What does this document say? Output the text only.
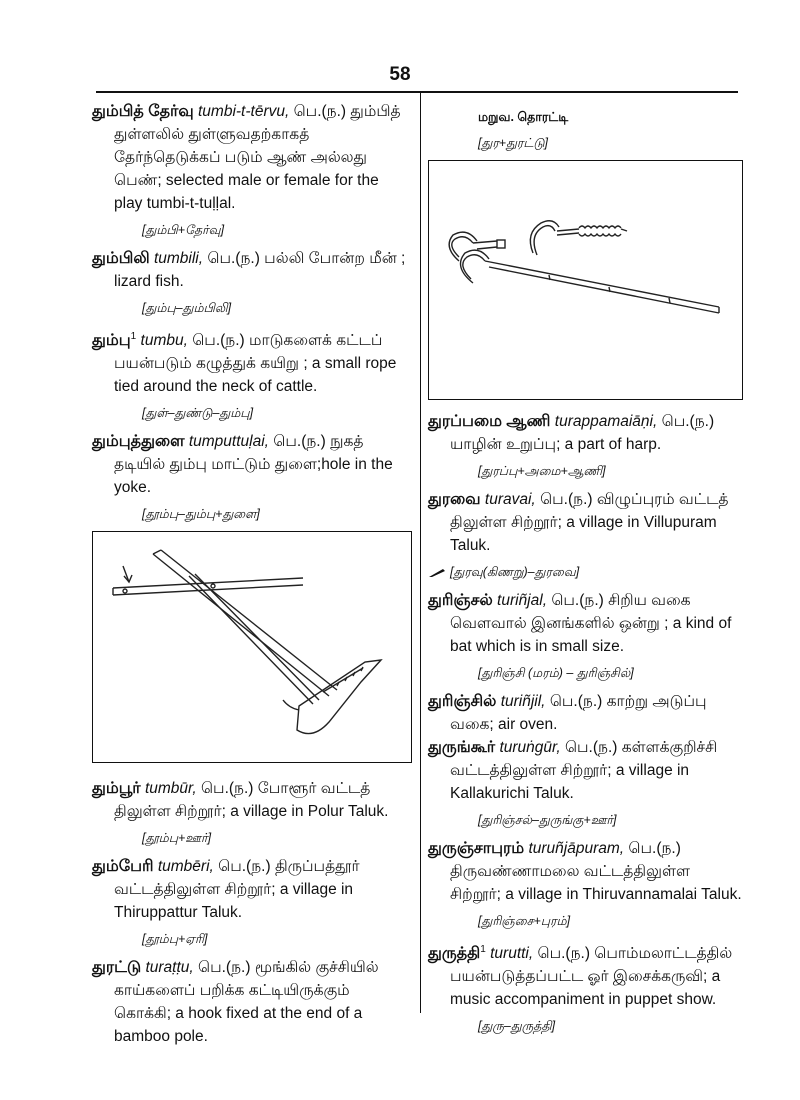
58

தும்பித் தேர்வு tumbi-t-tērvu, பெ.(ந.) தும்பித் துள்ளலில் துள்ளுவதற்காகத் தேர்ந்தெடுக்கப் படும் ஆண் அல்லது பெண்; selected male or female for the play tumbi-t-tuḷḷal.

[தும்பி+தேர்வு]

தும்பிலி tumbili, பெ.(ந.) பல்லி போன்ற மீன் ; lizard fish.

[தும்பு–தும்பிலி]

தும்பு$^1$ tumbu, பெ.(ந.) மாடுகளைக் கட்டப் பயன்படும் கழுத்துக் கயிறு ; a small rope tied around the neck of cattle.

[துள்–துண்டு–தும்பு]

தும்புத்துளை tumputtuḷai, பெ.(ந.) நுகத் தடியில் தும்பு மாட்டும் துளை;hole in the yoke.

[தூம்பு–தும்பு+துளை]

தும்பூர் tumbūr, பெ.(ந.) போளூர் வட்டத் திலுள்ள சிற்றூர்; a village in Polur Taluk.

[தூம்பு+ஊர்]

தும்பேரி tumbēri, பெ.(ந.) திருப்பத்தூர் வட்டத்திலுள்ள சிற்றூர்; a village in Thiruppattur Taluk.

[தூம்பு+ஏரி]

துரட்டு turaṭṭu, பெ.(ந.) மூங்கில் குச்சியில் காய்களைப் பறிக்க கட்டியிருக்கும் கொக்கி; a hook fixed at the end of a bamboo pole.

மறுவ. தொரட்டி
[துர+துரட்டு]

துரப்பமை ஆணி turappamaiāṇi, பெ.(ந.) யாழின் உறுப்பு; a part of harp.

[துரப்பு+அமை+ஆணி]

துரவை turavai, பெ.(ந.) விழுப்புரம் வட்டத் திலுள்ள சிற்றூர்; a village in Villupuram Taluk.

[துரவு(கிணறு)–துரவை]

துரிஞ்சல் turiñjal, பெ.(ந.) சிறிய வகை வௌவால் இனங்களில் ஒன்று ; a kind of bat which is in small size.

[துரிஞ்சி (மரம்) – துரிஞ்சில்]

துரிஞ்சில் turiñjil, பெ.(ந.) காற்று அடுப்பு வகை; air oven.

துருங்கூர் turuṅgūr, பெ.(ந.) கள்ளக்குறிச்சி வட்டத்திலுள்ள சிற்றூர்; a village in Kallakurichi Taluk.

[துரிஞ்சல்–துருங்கு+ஊர்]

துருஞ்சாபுரம் turuñjāpuram, பெ.(ந.) திருவண்ணாமலை வட்டத்திலுள்ள சிற்றூர்; a village in Thiruvannamalai Taluk.

[துரிஞ்சை+புரம்]

துருத்தி$^1$ turutti, பெ.(ந.) பொம்மலாட்டத்தில் பயன்படுத்தப்பட்ட ஓர் இசைக்கருவி; a music accompaniment in puppet show.

[துரு–துருத்தி]
